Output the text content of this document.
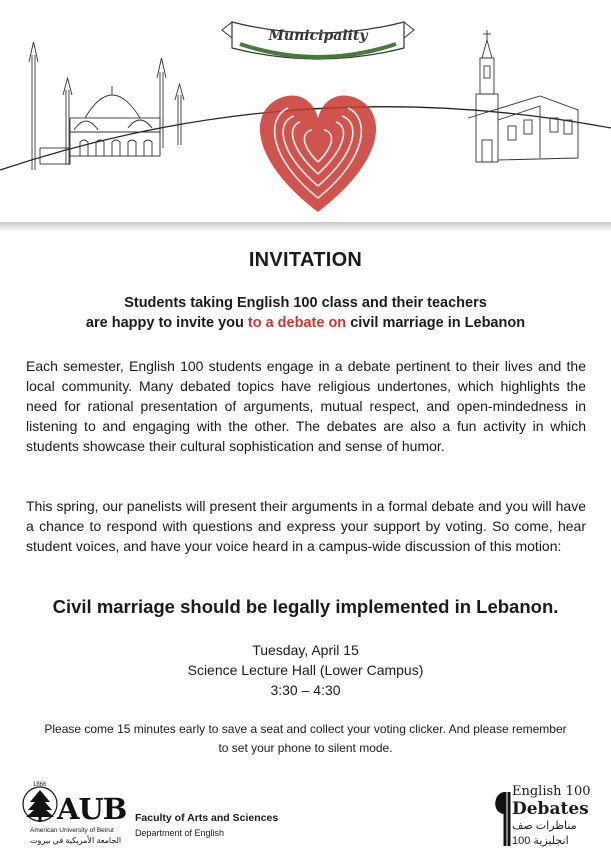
Municipality
INVITATION
Students taking English 100 class and their teachers
are happy to invite you to a debate on civil marriage in Lebanon
Each semester, English 100 students engage in a debate pertinent to their lives and the local community. Many debated topics have religious undertones, which highlights the need for rational presentation of arguments, mutual respect, and open-mindedness in listening to and engaging with the other. The debates are also a fun activity in which students showcase their cultural sophistication and sense of humor.
This spring, our panelists will present their arguments in a formal debate and you will have a chance to respond with questions and express your support by voting. So come, hear student voices, and have your voice heard in a campus-wide discussion of this motion:
Civil marriage should be legally implemented in Lebanon.
Tuesday, April 15
Science Lecture Hall (Lower Campus)
3:30 – 4:30
Please come 15 minutes early to save a seat and collect your voting clicker. And please remember to set your phone to silent mode.
1866
AUB
American University of Beirut
الجامعة الأمريكية في بيروت
Faculty of Arts and Sciences
Department of English
English 100
Debates
مناظرات صف
انجليزية 100
